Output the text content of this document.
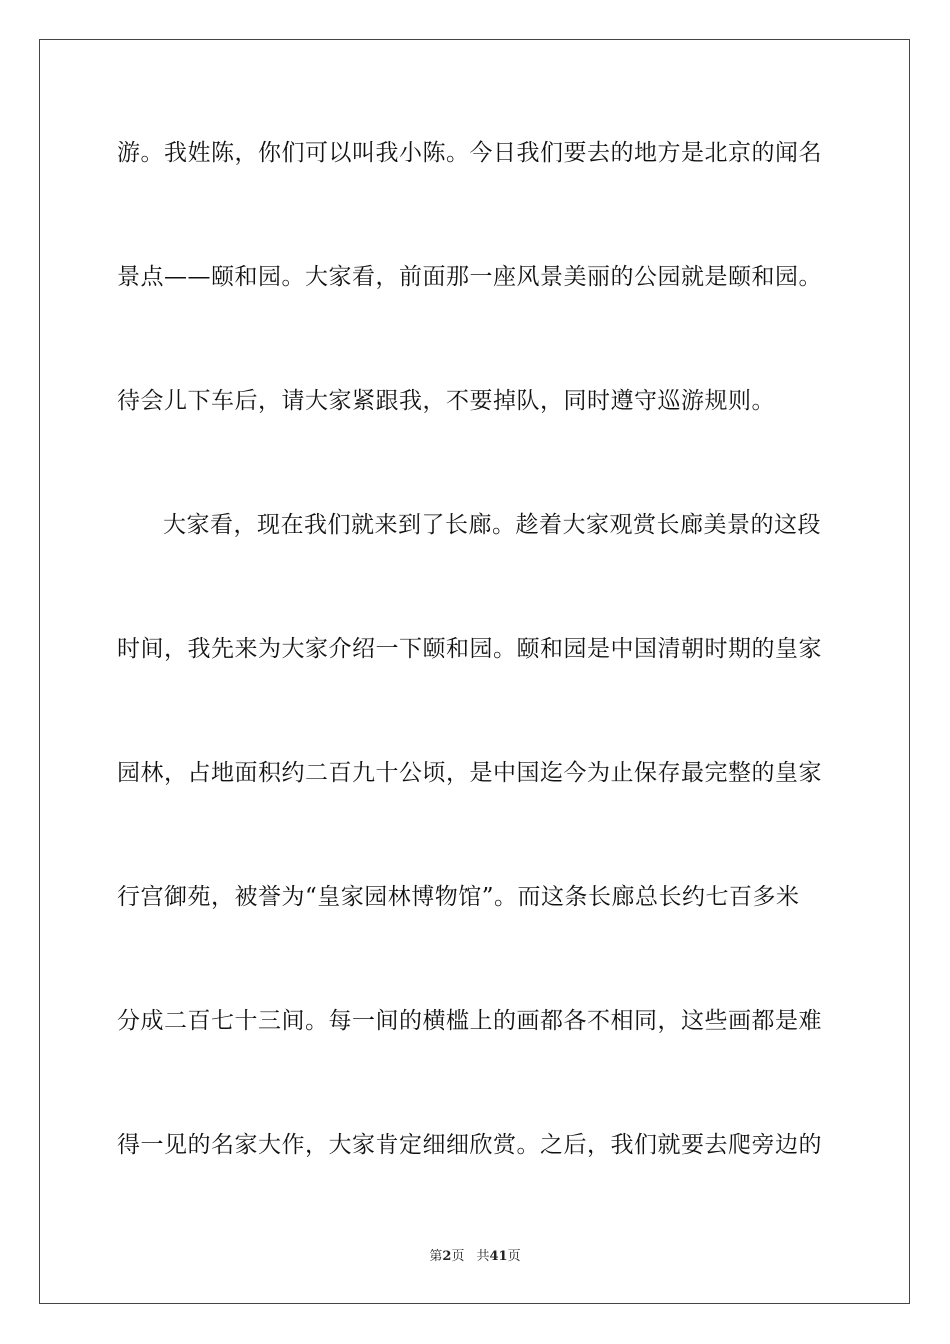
游。我姓陈，你们可以叫我小陈。今日我们要去的地方是北京的闻名
景点——颐和园。大家看，前面那一座风景美丽的公园就是颐和园。
待会儿下车后，请大家紧跟我，不要掉队，同时遵守巡游规则。
大家看，现在我们就来到了长廊。趁着大家观赏长廊美景的这段
时间，我先来为大家介绍一下颐和园。颐和园是中国清朝时期的皇家
园林，占地面积约二百九十公顷，是中国迄今为止保存最完整的皇家
行宫御苑，被誉为“皇家园林博物馆”。而这条长廊总长约七百多米
分成二百七十三间。每一间的横槛上的画都各不相同，这些画都是难
得一见的名家大作，大家肯定细细欣赏。之后，我们就要去爬旁边的
第2页 共41页
